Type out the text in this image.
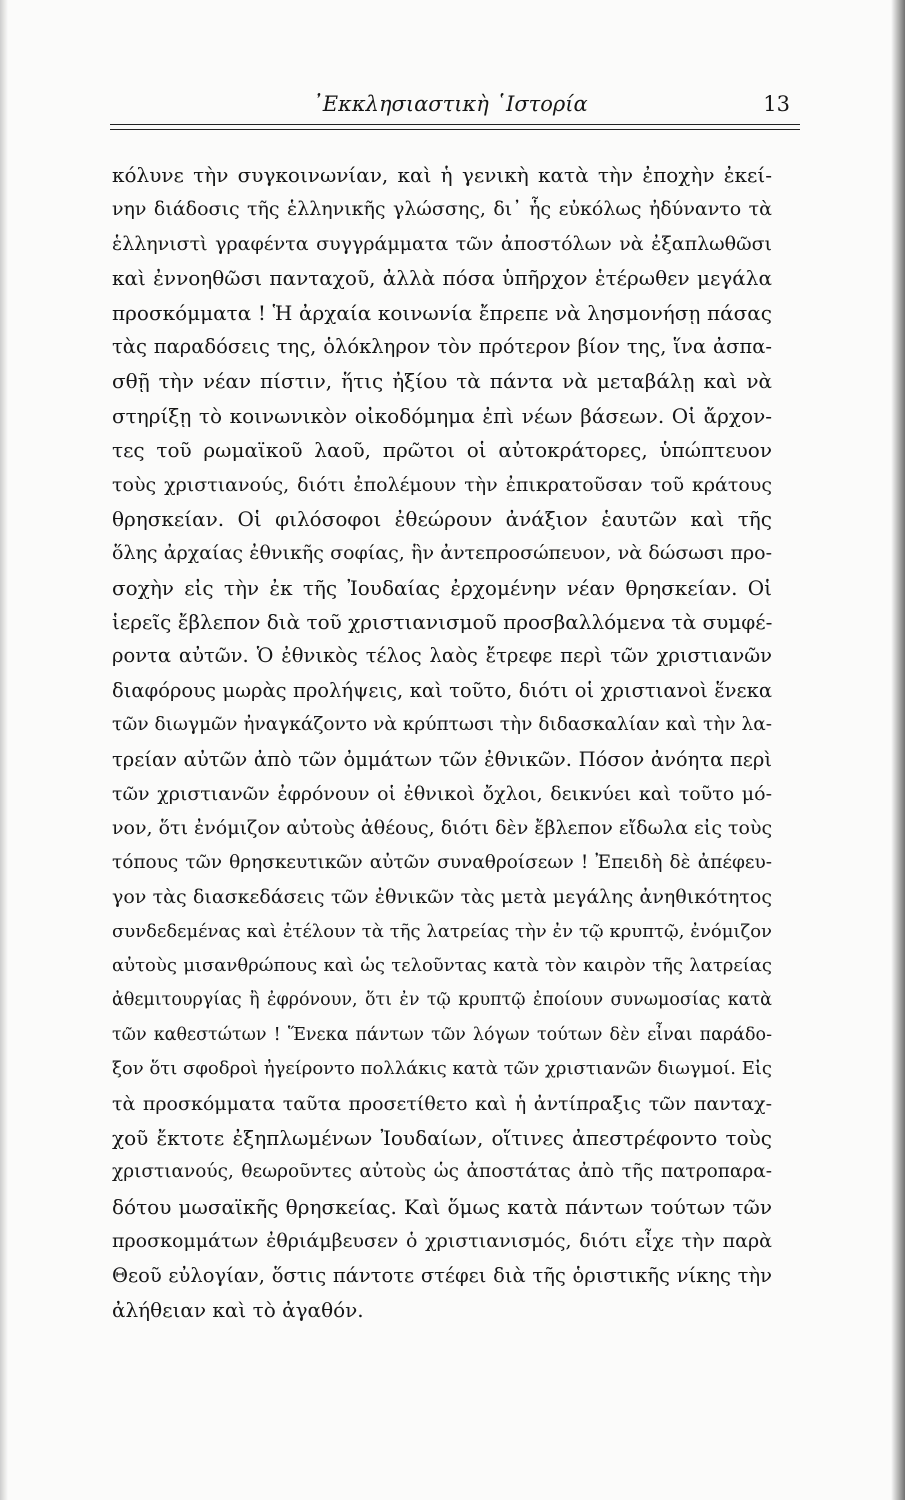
᾿Εκκλησιαστικὴ ῾Ιστορία	13
κόλυνε τὴν συγκοινωνίαν, καὶ ἡ γενικὴ κατὰ τὴν ἐποχὴν ἐκεί-
νην διάδοσις τῆς ἑλληνικῆς γλώσσης, δι᾿ ἧς εὐκόλως ἠδύναντο τὰ
ἑλληνιστὶ γραφέντα συγγράμματα τῶν ἀποστόλων νὰ ἐξαπλωθῶσι
καὶ ἐννοηθῶσι πανταχοῦ, ἀλλὰ πόσα ὑπῆρχον ἑτέρωθεν μεγάλα
προσκόμματα ! Ἡ ἀρχαία κοινωνία ἔπρεπε νὰ λησμονήσῃ πάσας
τὰς παραδόσεις της, ὁλόκληρον τὸν πρότερον βίον της, ἵνα ἀσπα-
σθῇ τὴν νέαν πίστιν, ἥτις ἠξίου τὰ πάντα νὰ μεταβάλῃ καὶ νὰ
στηρίξῃ τὸ κοινωνικὸν οἰκοδόμημα ἐπὶ νέων βάσεων. Οἱ ἄρχον-
τες τοῦ ρωμαϊκοῦ λαοῦ, πρῶτοι οἱ αὐτοκράτορες, ὑπώπτευον
τοὺς χριστιανούς, διότι ἐπολέμουν τὴν ἐπικρατοῦσαν τοῦ κράτους
θρησκείαν. Οἱ φιλόσοφοι ἐθεώρουν ἀνάξιον ἑαυτῶν καὶ τῆς
ὅλης ἀρχαίας ἐθνικῆς σοφίας, ἣν ἀντεπροσώπευον, νὰ δώσωσι προ-
σοχὴν εἰς τὴν ἐκ τῆς Ἰουδαίας ἐρχομένην νέαν θρησκείαν. Οἱ
ἱερεῖς ἔβλεπον διὰ τοῦ χριστιανισμοῦ προσβαλλόμενα τὰ συμφέ-
ροντα αὐτῶν. Ὁ ἐθνικὸς τέλος λαὸς ἔτρεφε περὶ τῶν χριστιανῶν
διαφόρους μωρὰς προλήψεις, καὶ τοῦτο, διότι οἱ χριστιανοὶ ἕνεκα
τῶν διωγμῶν ἠναγκάζοντο νὰ κρύπτωσι τὴν διδασκαλίαν καὶ τὴν λα-
τρείαν αὐτῶν ἀπὸ τῶν ὀμμάτων τῶν ἐθνικῶν. Πόσον ἀνόητα περὶ
τῶν χριστιανῶν ἐφρόνουν οἱ ἐθνικοὶ ὄχλοι, δεικνύει καὶ τοῦτο μό-
νον, ὅτι ἐνόμιζον αὐτοὺς ἀθέους, διότι δὲν ἔβλεπον εἴδωλα εἰς τοὺς
τόπους τῶν θρησκευτικῶν αὐτῶν συναθροίσεων ! Ἐπειδὴ δὲ ἀπέφευ-
γον τὰς διασκεδάσεις τῶν ἐθνικῶν τὰς μετὰ μεγάλης ἀνηθικότητος
συνδεδεμένας καὶ ἐτέλουν τὰ τῆς λατρείας τὴν ἐν τῷ κρυπτῷ, ἐνόμιζον
αὐτοὺς μισανθρώπους καὶ ὡς τελοῦντας κατὰ τὸν καιρὸν τῆς λατρείας
ἀθεμιτουργίας ἢ ἐφρόνουν, ὅτι ἐν τῷ κρυπτῷ ἐποίουν συνωμοσίας κατὰ
τῶν καθεστώτων ! Ἕνεκα πάντων τῶν λόγων τούτων δὲν εἶναι παράδο-
ξον ὅτι σφοδροὶ ἠγείροντο πολλάκις κατὰ τῶν χριστιανῶν διωγμοί. Εἰς
τὰ προσκόμματα ταῦτα προσετίθετο καὶ ἡ ἀντίπραξις τῶν πανταχ-
χοῦ ἔκτοτε ἐξηπλωμένων Ἰουδαίων, οἵτινες ἀπεστρέφοντο τοὺς
χριστιανούς, θεωροῦντες αὐτοὺς ὡς ἀποστάτας ἀπὸ τῆς πατροπαρα-
δότου μωσαϊκῆς θρησκείας. Καὶ ὅμως κατὰ πάντων τούτων τῶν
προσκομμάτων ἐθριάμβευσεν ὁ χριστιανισμός, διότι εἶχε τὴν παρὰ
Θεοῦ εὐλογίαν, ὅστις πάντοτε στέφει διὰ τῆς ὁριστικῆς νίκης τὴν
ἀλήθειαν καὶ τὸ ἀγαθόν.
